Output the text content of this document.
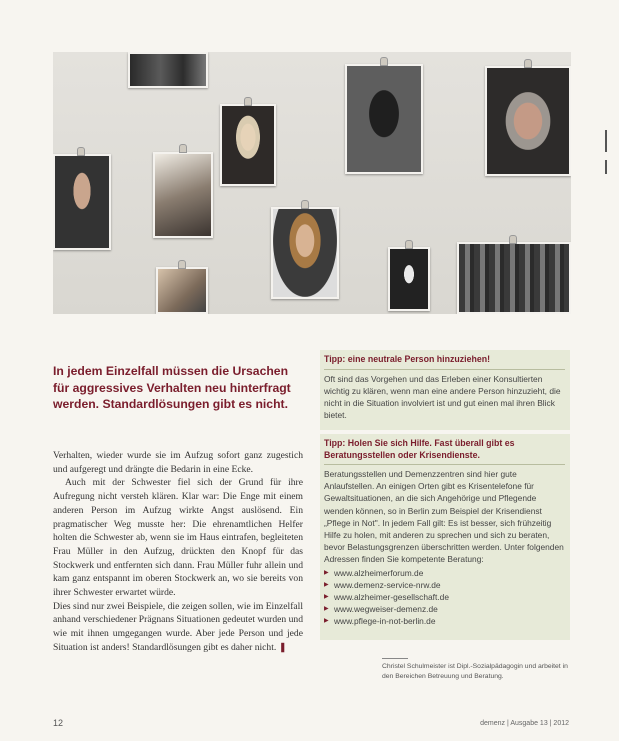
In jedem Einzelfall müssen die Ursachen für aggressives Verhalten neu hinterfragt werden. Standardlösungen gibt es nicht.

Verhalten, wieder wurde sie im Aufzug sofort ganz zugestich und aufgeregt und drängte die Bedarin in eine Ecke.

Auch mit der Schwester fiel sich der Grund für ihre Aufregung nicht versteh klären. Klar war: Die Enge mit einem anderen Person im Aufzug wirkte Angst auslösend. Ein pragmatischer Weg musste her: Die ehrenamtlichen Helfer holten die Schwester ab, wenn sie im Haus eintrafen, begleiteten Frau Müller in den Aufzug, drückten den Knopf für das Stockwerk und entfernten sich dann. Frau Müller fuhr allein und kam ganz entspannt im oberen Stockwerk an, wo sie bereits von ihrer Schwester erwartet würde.

Dies sind nur zwei Beispiele, die zeigen sollen, wie im Einzelfall anhand verschiedener Prägnans Situationen gedeutet wurden und wie mit ihnen umgegangen wurde. Aber jede Person und jede Situation ist anders! Standardlösungen gibt es daher nicht. ❚

Tipp: eine neutrale Person hinzuziehen!
Oft sind das Vorgehen und das Erleben einer Konsultierten wichtig zu klären, wenn man eine andere Person hinzuzieht, die nicht in die Situation involviert ist und gut einen mal ihren Blick bietet.
Tipp: Holen Sie sich Hilfe. Fast überall gibt es Beratungsstellen oder Krisendienste.
Beratungsstellen und Demenzzentren sind hier gute Anlaufstellen. An einigen Orten gibt es Krisentelefone für Gewaltsituationen, an die sich Angehörige und Pflegende wenden können, so in Berlin zum Beispiel der Krisendienst „Pflege in Not". In jedem Fall gilt: Es ist besser, sich frühzeitig Hilfe zu holen, mit anderen zu sprechen und sich zu beraten, bevor Belastungsgrenzen überschritten werden. Unter folgenden Adressen finden Sie kompetente Beratung:
▶ www.alzheimerforum.de
▶ www.demenz-service-nrw.de
▶ www.alzheimer-gesellschaft.de
▶ www.wegweiser-demenz.de
▶ www.pflege-in-not-berlin.de
Christel Schulmeister ist Dipl.-Sozialpädagogin und arbeitet in den Bereichen Betreuung und Beratung.
12	demenz | Ausgabe 13 | 2012
